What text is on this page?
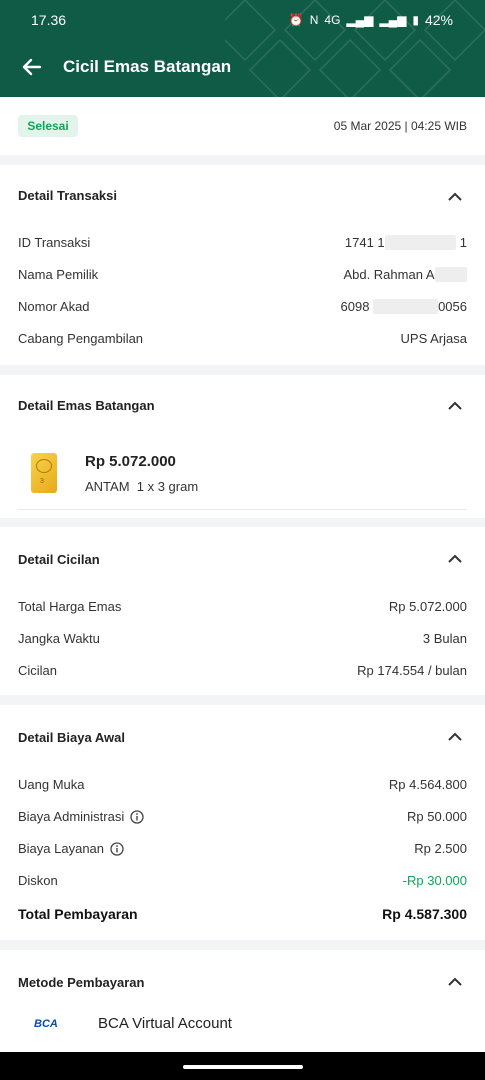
17.36	⏰ N 4G ▂▄▆ ▂▄▆ ▮ 42%
Cicil Emas Batangan
Selesai	05 Mar 2025 | 04:25 WIB
Detail Transaksi
ID Transaksi	1741 1	1
Nama Pemilik	Abd. Rahman A
Nomor Akad	6098	0056
Cabang Pengambilan	UPS Arjasa
Detail Emas Batangan
3
Rp 5.072.000
ANTAM  1 x 3 gram
Detail Cicilan
Total Harga Emas	Rp 5.072.000
Jangka Waktu	3 Bulan
Cicilan	Rp 174.554 / bulan
Detail Biaya Awal
Uang Muka	Rp 4.564.800
Biaya Administrasi	Rp 50.000
Biaya Layanan	Rp 2.500
Diskon	-Rp 30.000
Total Pembayaran	Rp 4.587.300
Metode Pembayaran
BCA	BCA Virtual Account
